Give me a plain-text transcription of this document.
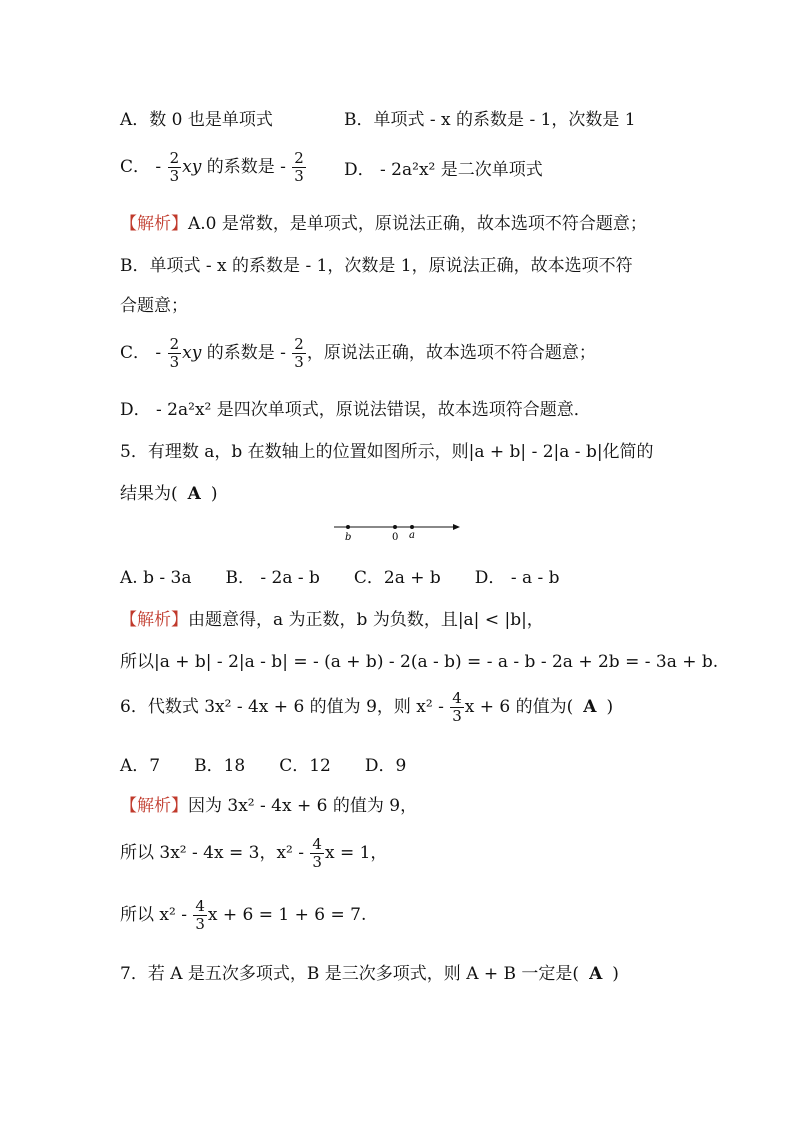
A．数 0 也是单项式	B．单项式 - x 的系数是 - 1，次数是 1
C． - $\frac{2}{3}$ xy 的系数是 - $\frac{2}{3}$ D． - 2a²x² 是二次单项式
【解析】A.0 是常数，是单项式，原说法正确，故本选项不符合题意；
B．单项式 - x 的系数是 - 1，次数是 1，原说法正确，故本选项不符
合题意；
C． - $\frac{2}{3}$ xy 的系数是 - $\frac{2}{3}$ ，原说法正确，故本选项不符合题意；
D． - 2a²x² 是四次单项式，原说法错误，故本选项符合题意．
5．有理数 a，b 在数轴上的位置如图所示，则|a + b| - 2|a - b|化简的
结果为( A )
b	0 a
A. b - 3a　　B． - 2a - b　　C．2a + b　　D． - a - b
【解析】由题意得，a 为正数，b 为负数，且|a| < |b|，
所以|a + b| - 2|a - b| = - (a + b) - 2(a - b) = - a - b - 2a + 2b = - 3a + b.
6．代数式 3x² - 4x + 6 的值为 9，则 $x^2 - \frac{4}{3}$ x + 6 的值为( A )
A．7　　B．18　　C．12　　D．9
【解析】因为 3x² - 4x + 6 的值为 9，
所以 3x² - 4x = 3，$x^2 - \frac{4}{3}$ x = 1，
所以 $x^2 - \frac{4}{3}$ x + 6 = 1 + 6 = 7.
7．若 A 是五次多项式，B 是三次多项式，则 A + B 一定是( A )
